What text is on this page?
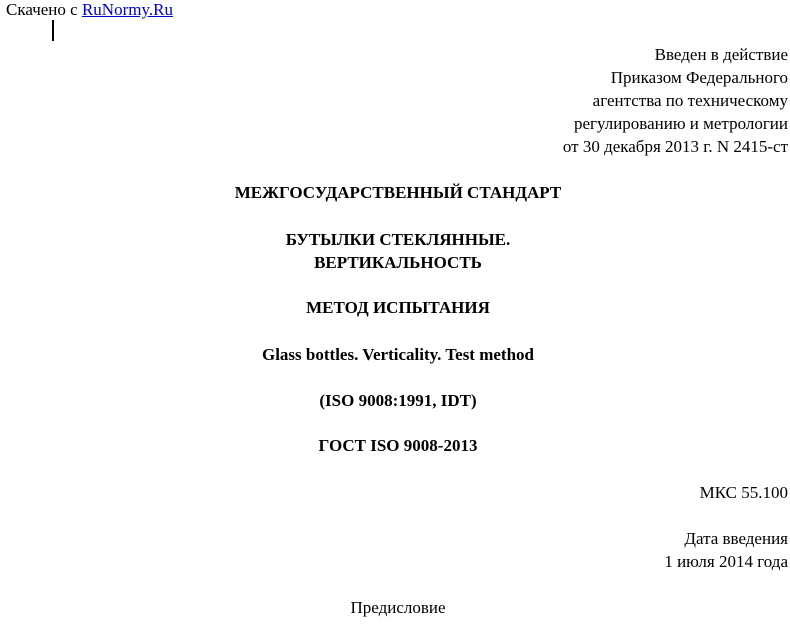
Скачено с RuNormy.Ru
Введен в действие
Приказом Федерального
агентства по техническому
регулированию и метрологии
от 30 декабря 2013 г. N 2415-ст
МЕЖГОСУДАРСТВЕННЫЙ СТАНДАРТ
БУТЫЛКИ СТЕКЛЯННЫЕ.
ВЕРТИКАЛЬНОСТЬ
МЕТОД ИСПЫТАНИЯ
Glass bottles. Verticality. Test method
(ISO 9008:1991, IDT)
ГОСТ ISO 9008-2013
МКС 55.100
Дата введения
1 июля 2014 года
Предисловие
